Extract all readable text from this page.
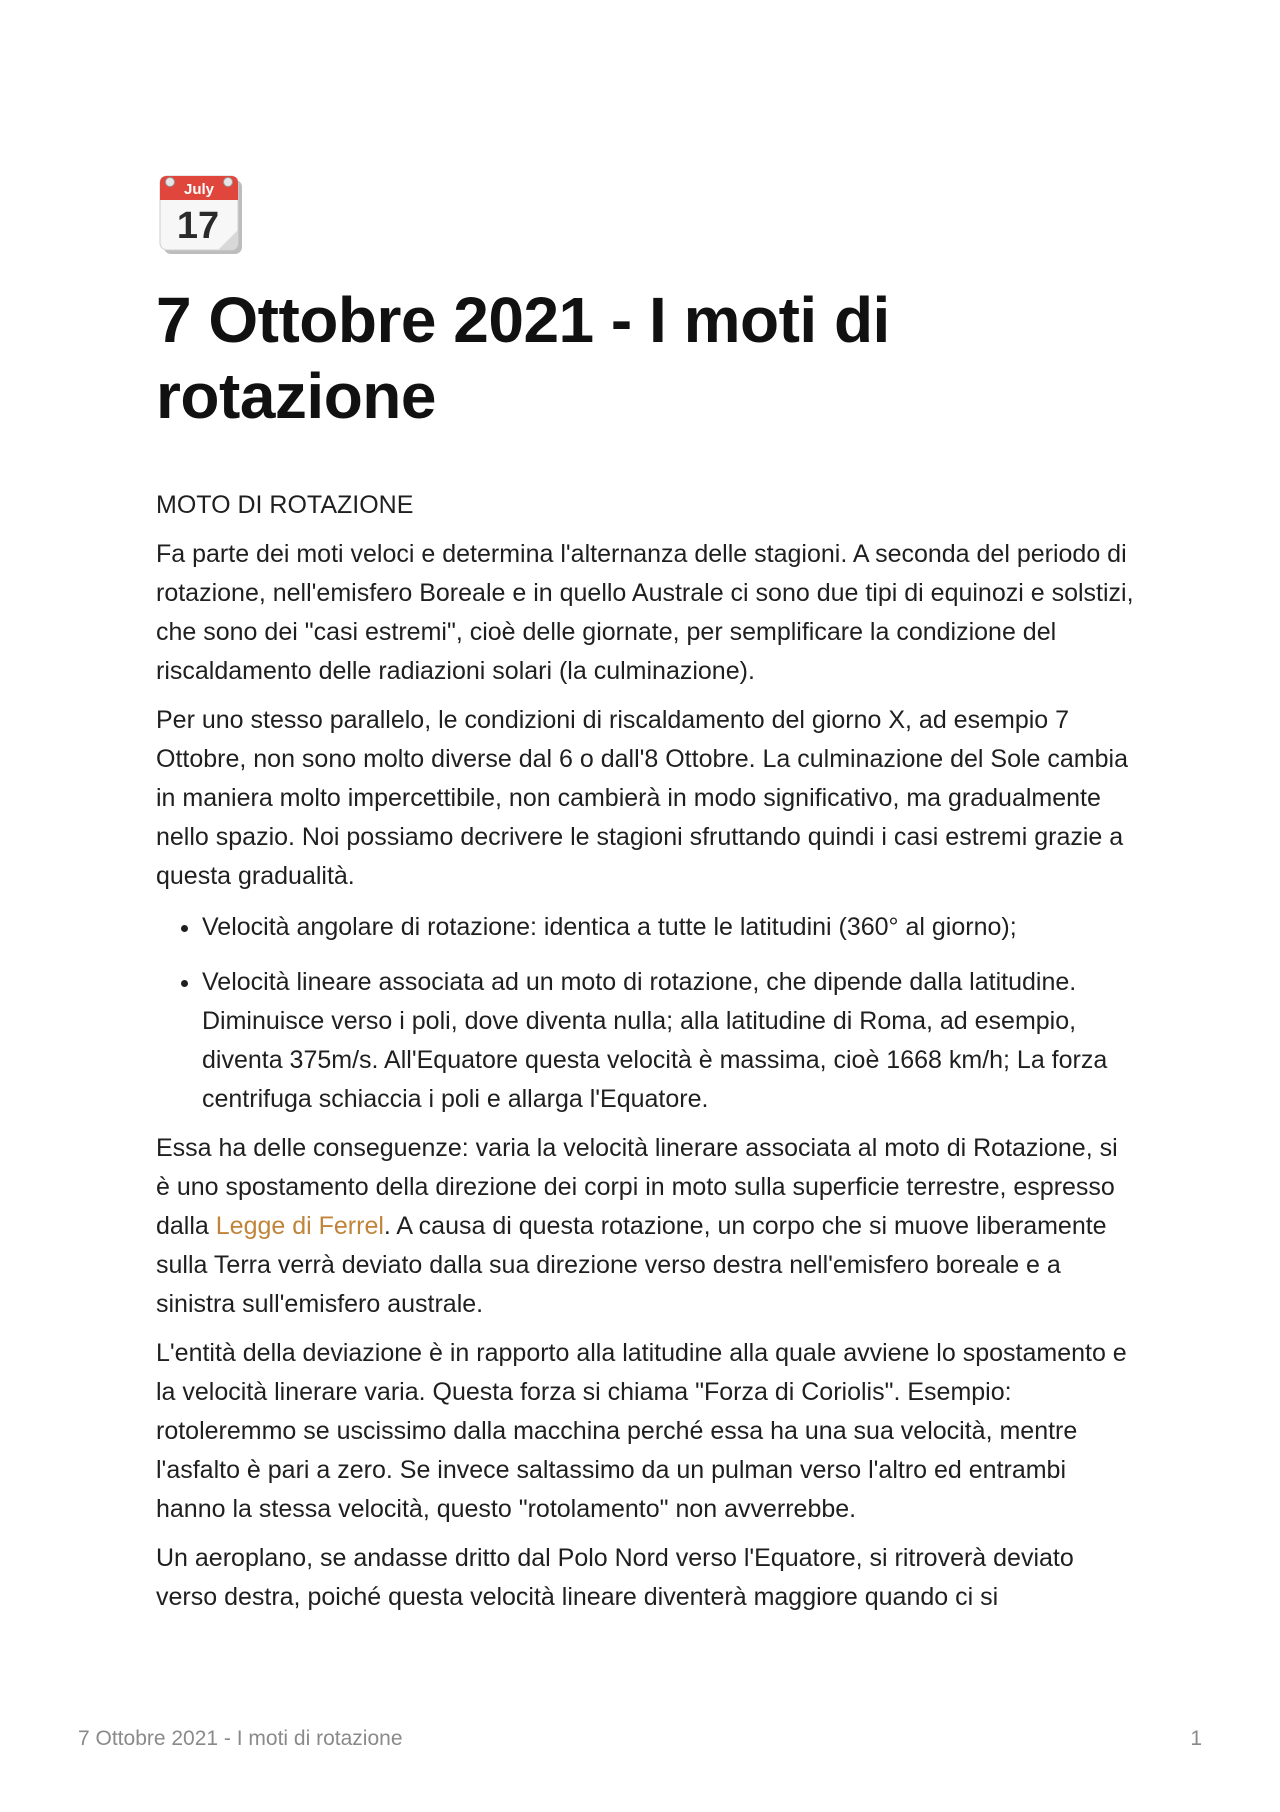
July
17
7 Ottobre 2021 - I moti di rotazione
MOTO DI ROTAZIONE

Fa parte dei moti veloci e determina l'alternanza delle stagioni. A seconda del periodo di rotazione, nell'emisfero Boreale e in quello Australe ci sono due tipi di equinozi e solstizi, che sono dei "casi estremi", cioè delle giornate, per semplificare la condizione del riscaldamento delle radiazioni solari (la culminazione).

Per uno stesso parallelo, le condizioni di riscaldamento del giorno X, ad esempio 7 Ottobre, non sono molto diverse dal 6 o dall'8 Ottobre. La culminazione del Sole cambia in maniera molto impercettibile, non cambierà in modo significativo, ma gradualmente nello spazio. Noi possiamo decrivere le stagioni sfruttando quindi i casi estremi grazie a questa gradualità.

• Velocità angolare di rotazione: identica a tutte le latitudini (360° al giorno);
• Velocità lineare associata ad un moto di rotazione, che dipende dalla latitudine. Diminuisce verso i poli, dove diventa nulla; alla latitudine di Roma, ad esempio, diventa 375m/s. All'Equatore questa velocità è massima, cioè 1668 km/h; La forza centrifuga schiaccia i poli e allarga l'Equatore.

Essa ha delle conseguenze: varia la velocità linerare associata al moto di Rotazione, si è uno spostamento della direzione dei corpi in moto sulla superficie terrestre, espresso dalla Legge di Ferrel. A causa di questa rotazione, un corpo che si muove liberamente sulla Terra verrà deviato dalla sua direzione verso destra nell'emisfero boreale e a sinistra sull'emisfero australe.

L'entità della deviazione è in rapporto alla latitudine alla quale avviene lo spostamento e la velocità linerare varia. Questa forza si chiama "Forza di Coriolis". Esempio: rotoleremmo se uscissimo dalla macchina perché essa ha una sua velocità, mentre l'asfalto è pari a zero. Se invece saltassimo da un pulman verso l'altro ed entrambi hanno la stessa velocità, questo "rotolamento" non avverrebbe.

Un aeroplano, se andasse dritto dal Polo Nord verso l'Equatore, si ritroverà deviato verso destra, poiché questa velocità lineare diventerà maggiore quando ci si

7 Ottobre 2021 - I moti di rotazione	1
